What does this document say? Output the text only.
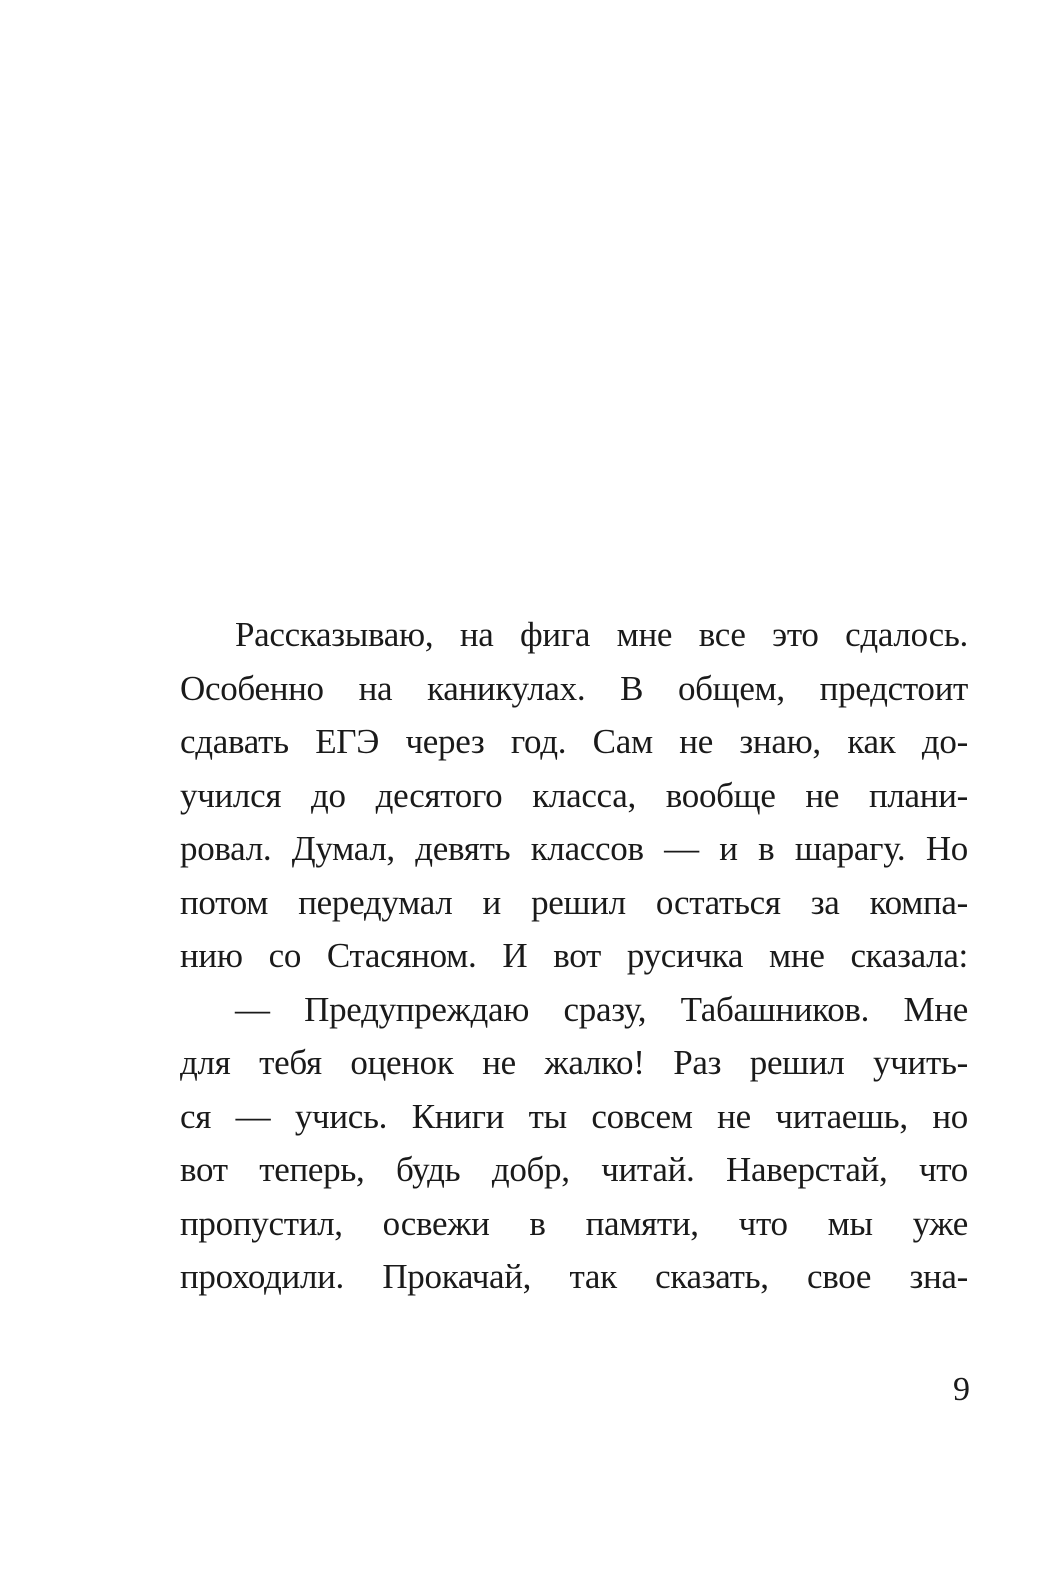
Рассказываю, на фига мне все это сдалось.
Особенно на каникулах. В общем, предстоит
сдавать ЕГЭ через год. Сам не знаю, как до-
учился до десятого класса, вообще не плани-
ровал. Думал, девять классов — и в шарагу. Но
потом передумал и решил остаться за компа-
нию со Стасяном. И вот русичка мне сказала:
— Предупреждаю сразу, Табашников. Мне
для тебя оценок не жалко! Раз решил учить-
ся — учись. Книги ты совсем не читаешь, но
вот теперь, будь добр, читай. Наверстай, что
пропустил, освежи в памяти, что мы уже
проходили. Прокачай, так сказать, свое зна-
9
